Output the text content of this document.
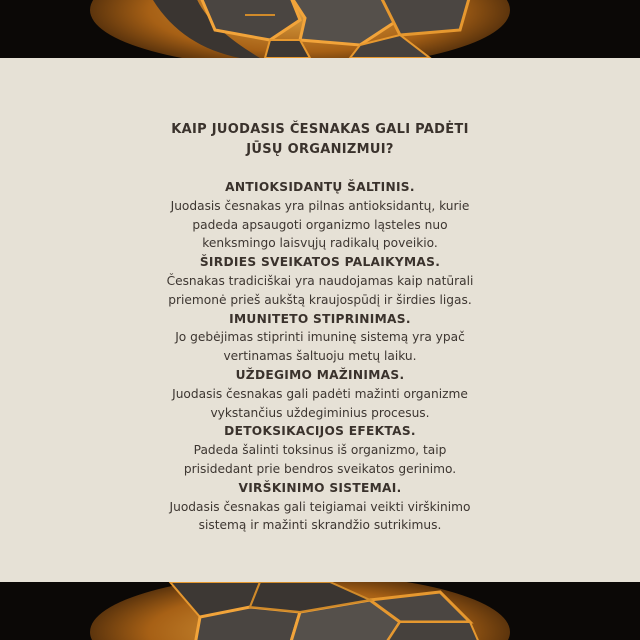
KAIP JUODASIS ČESNAKAS GALI PADĖTI
JŪSŲ ORGANIZMUI?
ANTIOKSIDANTŲ ŠALTINIS.
Juodasis česnakas yra pilnas antioksidantų, kurie
padeda apsaugoti organizmo ląsteles nuo
kenksmingo laisvųjų radikalų poveikio.
ŠIRDIES SVEIKATOS PALAIKYMAS.
Česnakas tradiciškai yra naudojamas kaip natūrali
priemonė prieš aukštą kraujospūdį ir širdies ligas.
IMUNITETO STIPRINIMAS.
Jo gebėjimas stiprinti imuninę sistemą yra ypač
vertinamas šaltuoju metų laiku.
UŽDEGIMO MAŽINIMAS.
Juodasis česnakas gali padėti mažinti organizme
vykstančius uždegiminius procesus.
DETOKSIKACIJOS EFEKTAS.
Padeda šalinti toksinus iš organizmo, taip
prisidedant prie bendros sveikatos gerinimo.
VIRŠKINIMO SISTEMAI.
Juodasis česnakas gali teigiamai veikti virškinimo
sistemą ir mažinti skrandžio sutrikimus.
